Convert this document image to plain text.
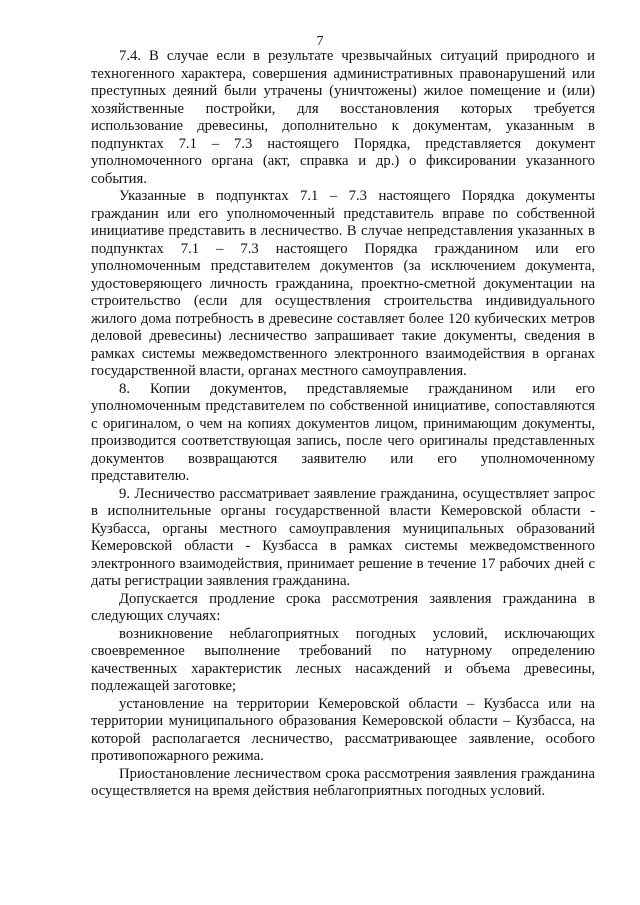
7

7.4. В случае если в результате чрезвычайных ситуаций природного и техногенного характера, совершения административных правонарушений или преступных деяний были утрачены (уничтожены) жилое помещение и (или) хозяйственные постройки, для восстановления которых требуется использование древесины, дополнительно к документам, указанным в подпунктах 7.1 – 7.3 настоящего Порядка, представляется документ уполномоченного органа (акт, справка и др.) о фиксировании указанного события.

Указанные в подпунктах 7.1 – 7.3 настоящего Порядка документы гражданин или его уполномоченный представитель вправе по собственной инициативе представить в лесничество. В случае непредставления указанных в подпунктах 7.1 – 7.3 настоящего Порядка гражданином или его уполномоченным представителем документов (за исключением документа, удостоверяющего личность гражданина, проектно-сметной документации на строительство (если для осуществления строительства индивидуального жилого дома потребность в древесине составляет более 120 кубических метров деловой древесины) лесничество запрашивает такие документы, сведения в рамках системы межведомственного электронного взаимодействия в органах государственной власти, органах местного самоуправления.

8. Копии документов, представляемые гражданином или его уполномоченным представителем по собственной инициативе, сопоставляются с оригиналом, о чем на копиях документов лицом, принимающим документы, производится соответствующая запись, после чего оригиналы представленных документов возвращаются заявителю или его уполномоченному представителю.

9. Лесничество рассматривает заявление гражданина, осуществляет запрос в исполнительные органы государственной власти Кемеровской области - Кузбасса, органы местного самоуправления муниципальных образований Кемеровской области - Кузбасса в рамках системы межведомственного электронного взаимодействия, принимает решение в течение 17 рабочих дней с даты регистрации заявления гражданина.

Допускается продление срока рассмотрения заявления гражданина в следующих случаях:

возникновение неблагоприятных погодных условий, исключающих своевременное выполнение требований по натурному определению качественных характеристик лесных насаждений и объема древесины, подлежащей заготовке;

установление на территории Кемеровской области – Кузбасса или на территории муниципального образования Кемеровской области – Кузбасса, на которой располагается лесничество, рассматривающее заявление, особого противопожарного режима.

Приостановление лесничеством срока рассмотрения заявления гражданина осуществляется на время действия неблагоприятных погодных условий.
